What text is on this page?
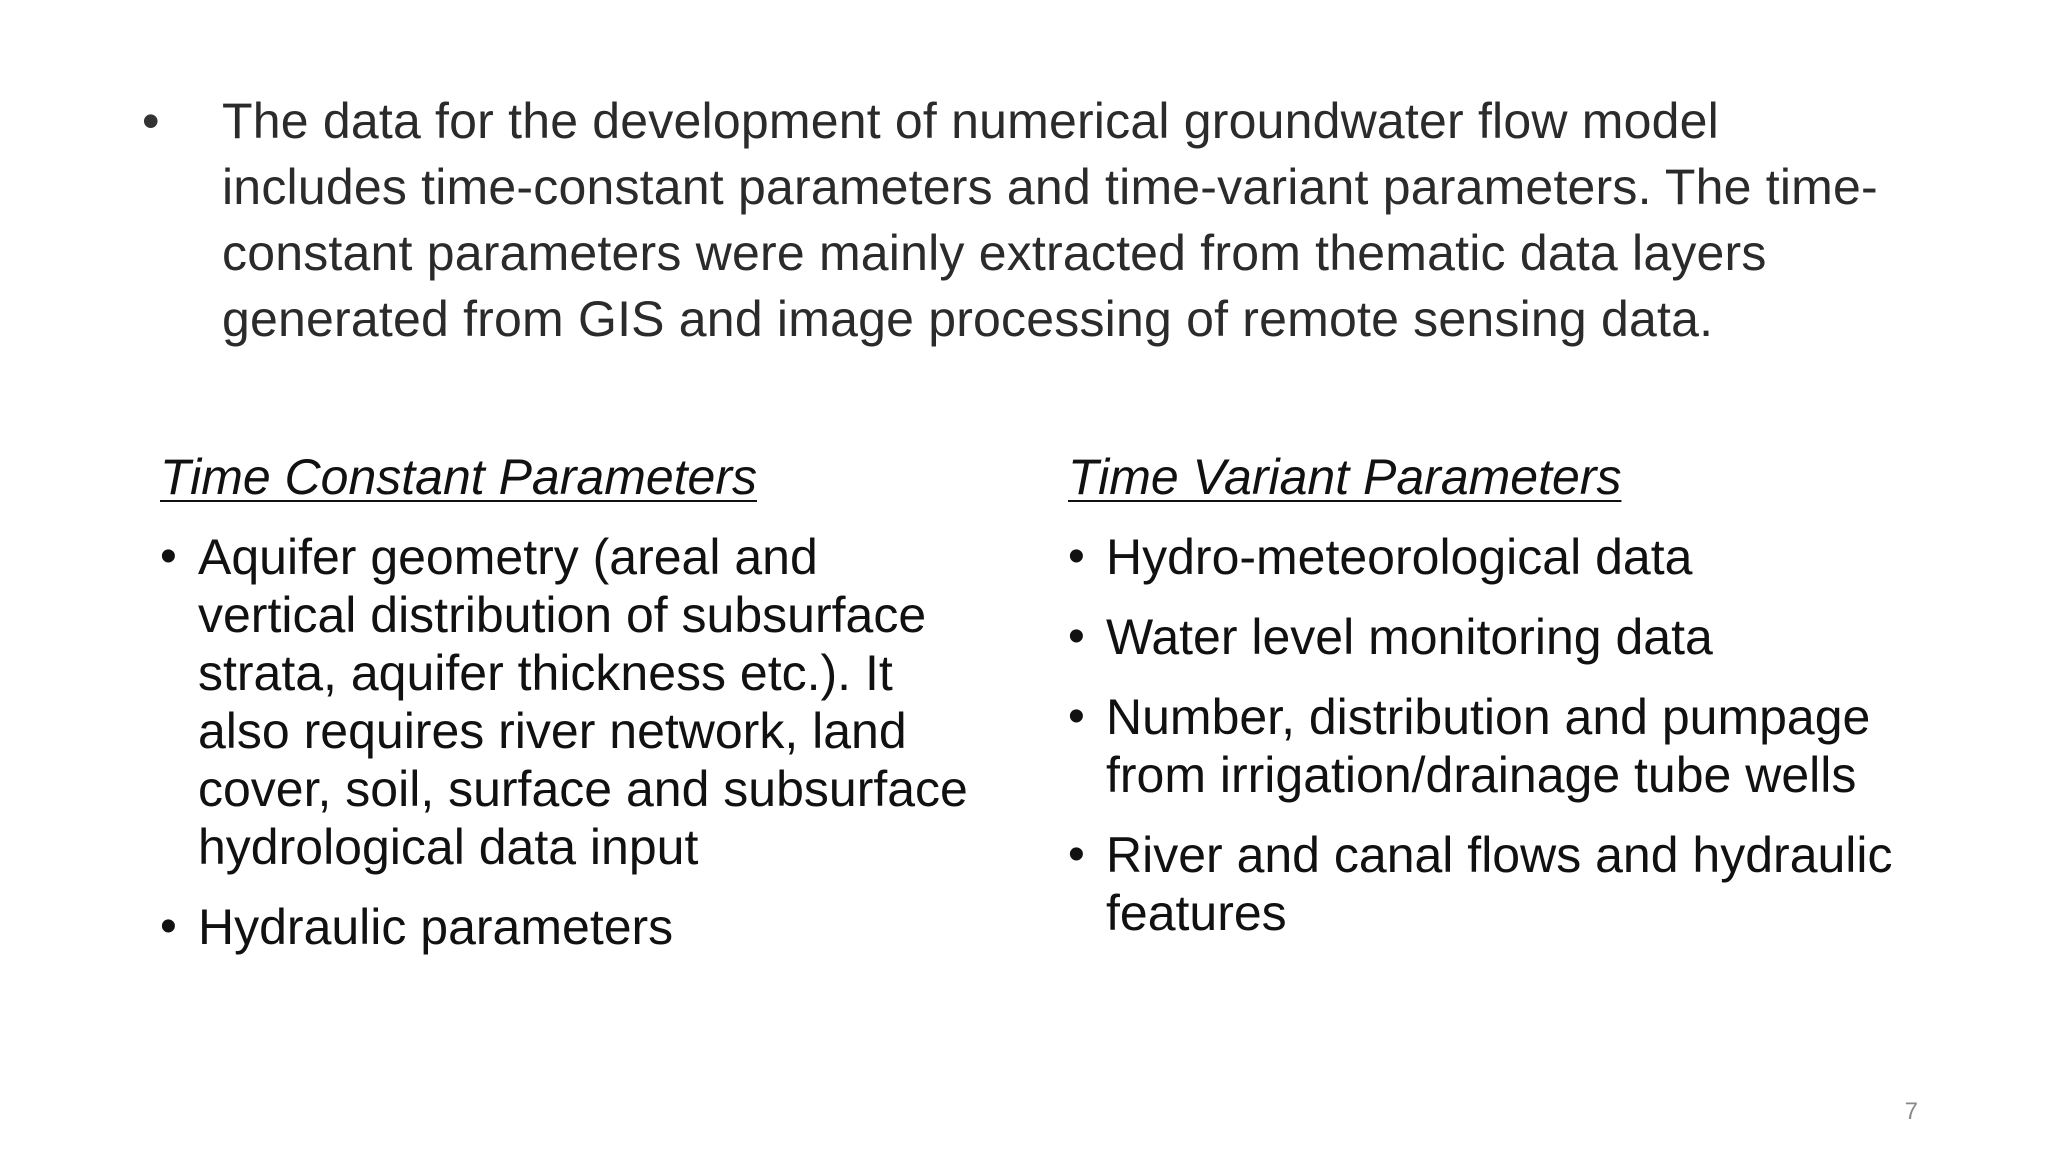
•	The data for the development of numerical groundwater flow model includes time-constant parameters and time-variant parameters. The time-constant parameters were mainly extracted from thematic data layers generated from GIS and image processing of remote sensing data.
Time Constant Parameters
• Aquifer geometry (areal and vertical distribution of subsurface strata, aquifer thickness etc.). It also requires river network, land cover, soil, surface and subsurface hydrological data input
• Hydraulic parameters
Time Variant Parameters
• Hydro-meteorological data
• Water level monitoring data
• Number, distribution and pumpage from irrigation/drainage tube wells
• River and canal flows and hydraulic features
7
